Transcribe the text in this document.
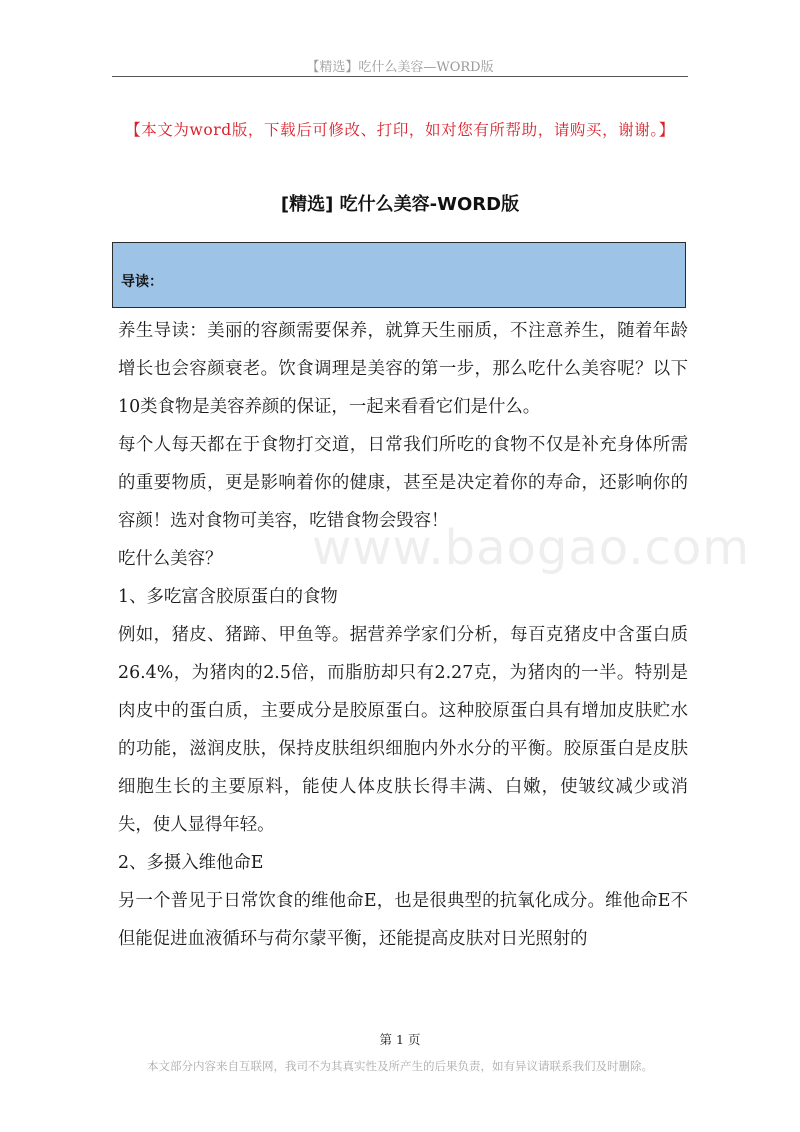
【精选】吃什么美容—WORD版
【本文为word版，下载后可修改、打印，如对您有所帮助，请购买，谢谢。】
[精选] 吃什么美容-WORD版
导读：
www.baogao.com

养生导读：美丽的容颜需要保养，就算天生丽质，不注意养生，随着年龄增长也会容颜衰老。饮食调理是美容的第一步，那么吃什么美容呢？以下10类食物是美容养颜的保证，一起来看看它们是什么。

每个人每天都在于食物打交道，日常我们所吃的食物不仅是补充身体所需的重要物质，更是影响着你的健康，甚至是决定着你的寿命，还影响你的容颜！选对食物可美容，吃错食物会毁容！

吃什么美容？

1、多吃富含胶原蛋白的食物

例如，猪皮、猪蹄、甲鱼等。据营养学家们分析，每百克猪皮中含蛋白质26.4%，为猪肉的2.5倍，而脂肪却只有2.27克，为猪肉的一半。特别是肉皮中的蛋白质，主要成分是胶原蛋白。这种胶原蛋白具有增加皮肤贮水的功能，滋润皮肤，保持皮肤组织细胞内外水分的平衡。胶原蛋白是皮肤细胞生长的主要原料，能使人体皮肤长得丰满、白嫩，使皱纹减少或消失，使人显得年轻。

2、多摄入维他命E

另一个普见于日常饮食的维他命E，也是很典型的抗氧化成分。维他命E不但能促进血液循环与荷尔蒙平衡，还能提高皮肤对日光照射的

第 1 页
本文部分内容来自互联网，我司不为其真实性及所产生的后果负责，如有异议请联系我们及时删除。
